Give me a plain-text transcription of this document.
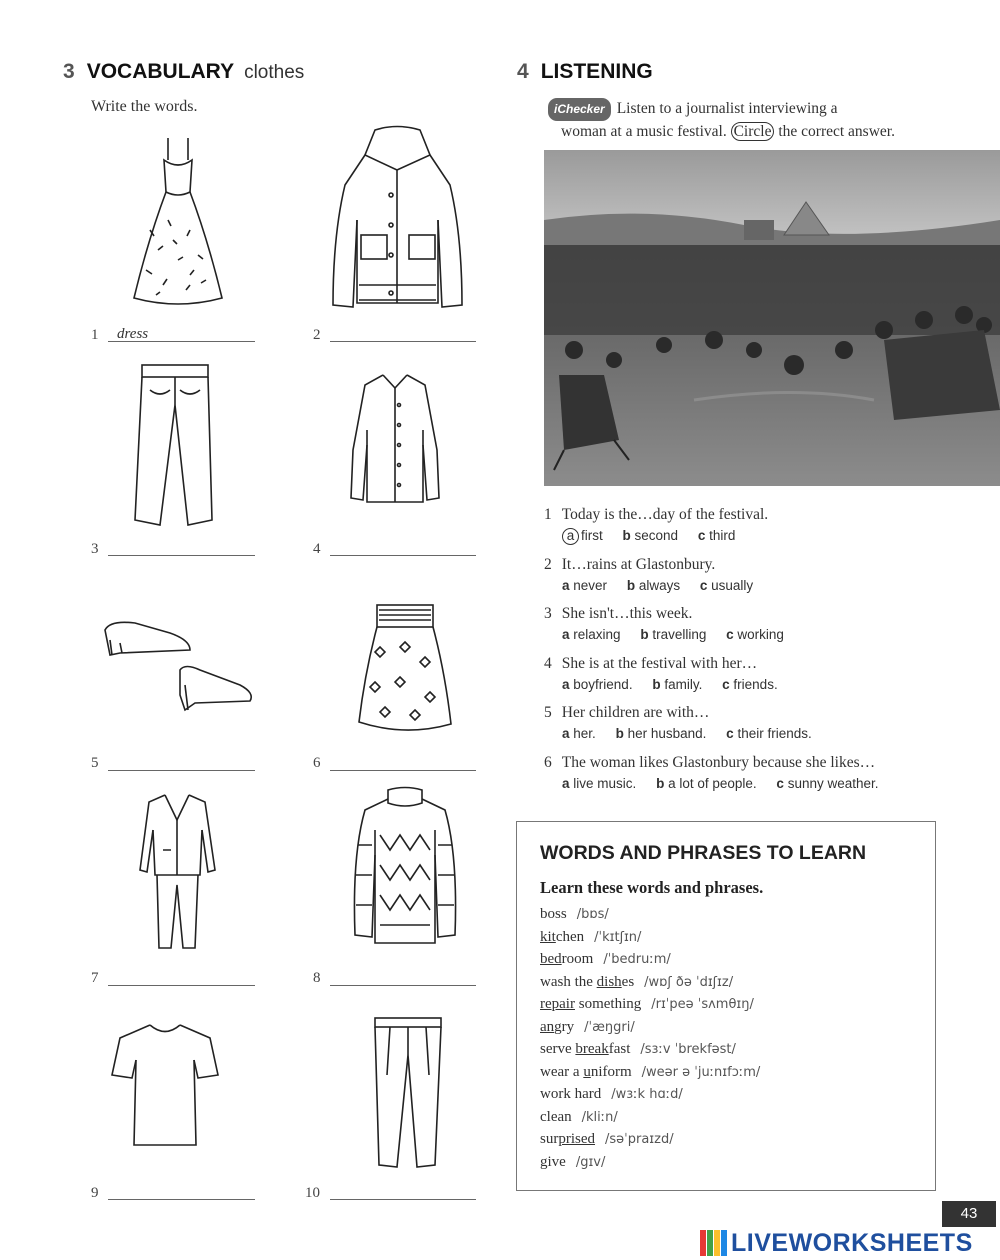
3 VOCABULARY clothes
Write the words.
1 dress	2
3	4
5	6
7	8
9	10
4 LISTENING
iChecker Listen to a journalist interviewing a
woman at a music festival. Circle the correct answer.
1 Today is the…day of the festival.
a first b second c third
2 It…rains at Glastonbury.
a never b always c usually
3 She isn't…this week.
a relaxing b travelling c working
4 She is at the festival with her…
a boyfriend. b family. c friends.
5 Her children are with…
a her. b her husband. c their friends.
6 The woman likes Glastonbury because she likes…
a live music. b a lot of people. c sunny weather.
WORDS AND PHRASES TO LEARN
Learn these words and phrases.
boss /bɒs/
kitchen /ˈkɪtʃɪn/
bedroom /ˈbedruːm/
wash the dishes /wɒʃ ðə ˈdɪʃɪz/
repair something /rɪˈpeə ˈsʌmθɪŋ/
angry /ˈæŋgri/
serve breakfast /sɜːv ˈbrekfəst/
wear a uniform /weər ə ˈjuːnɪfɔːm/
work hard /wɜːk hɑːd/
clean /kliːn/
surprised /səˈpraɪzd/
give /gɪv/
43
LIVEWORKSHEETS
